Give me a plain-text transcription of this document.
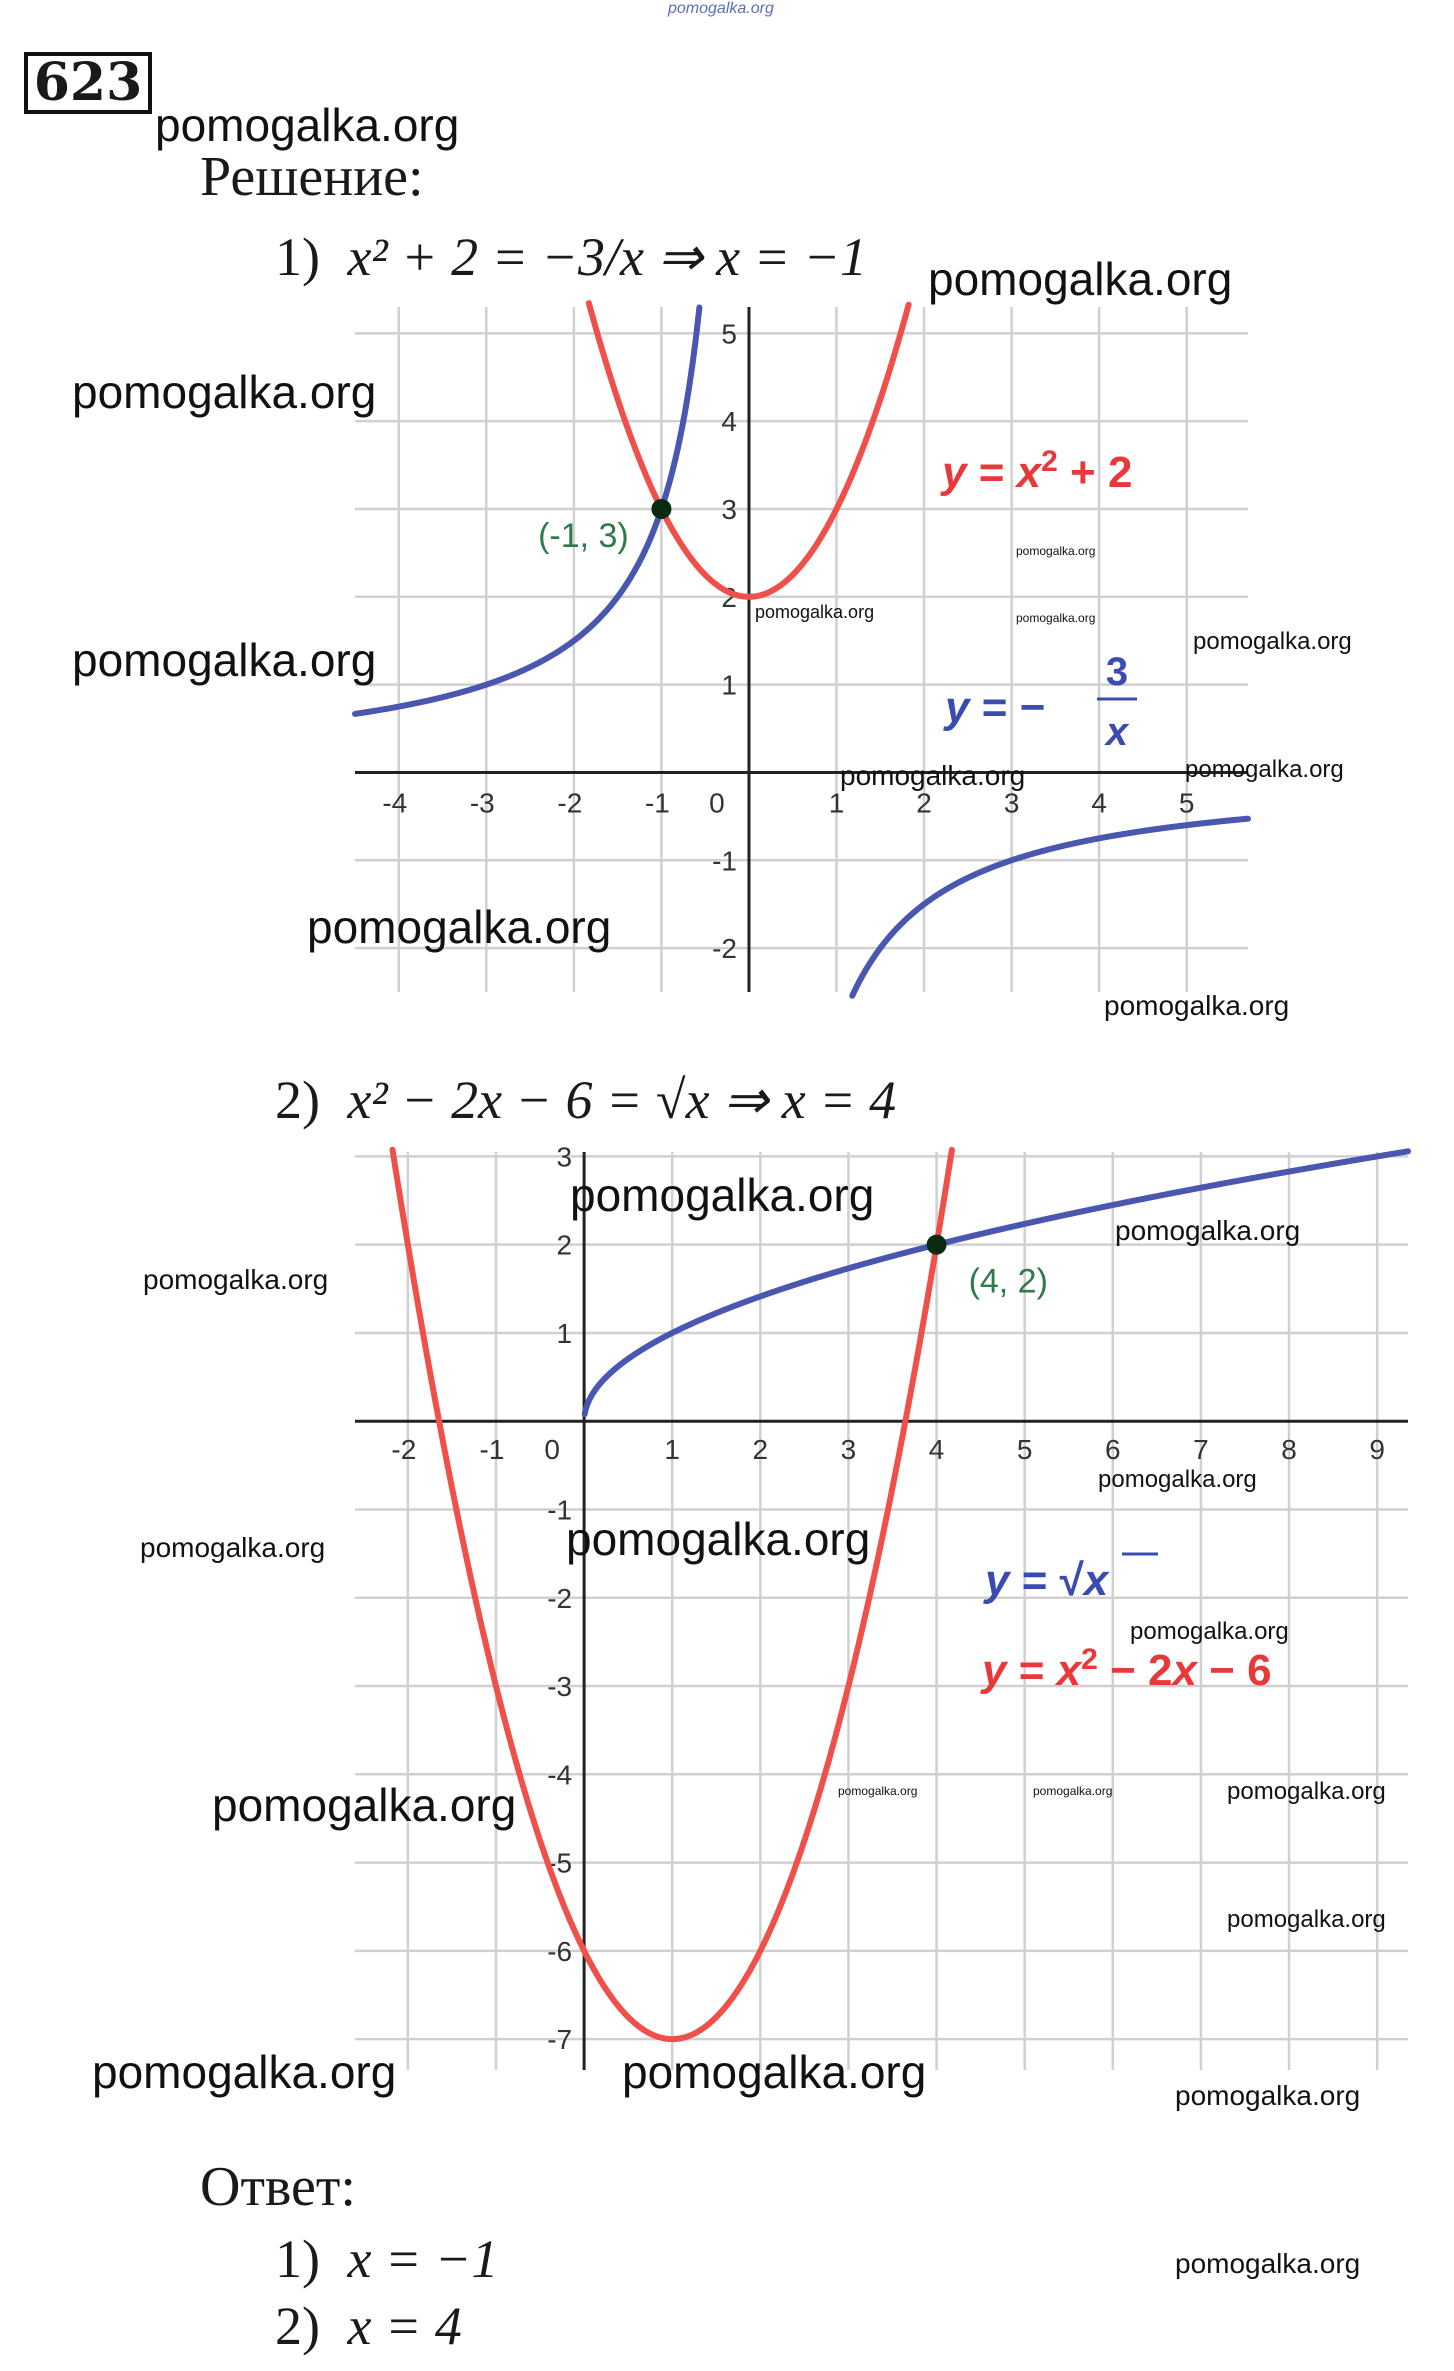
pomogalka.org
623
pomogalka.org
Решение:
1) x² + 2 = −3/x ⇒ x = −1 pomogalka.org
-4 -3 -2 -1 0	1	2	3	4	5
-2
-1
1
2
3
4
5
(-1, 3)
$y = x^2 + 2$
y = −
3
x
pomogalka.org
pomogalka.org
pomogalka.org
pomogalka.org
pomogalka.org
pomogalka.org
pomogalka.org	pomogalka.org
pomogalka.org
pomogalka.org
2) x² − 2x − 6 = √x ⇒ x = 4
-2 -1 0	1	2	3	4	5	6	7	8	9
-7
-6
-5
-4
-3
-2
-1
1
2
3
(4, 2)
y = √x
$y = x^2 - 2x - 6$
pomogalka.org
pomogalka.org
pomogalka.org
pomogalka.org
pomogalka.org	pomogalka.org
pomogalka.org
pomogalka.org	pomogalka.org	pomogalka.org	pomogalka.org
pomogalka.org
pomogalka.org	pomogalka.org	pomogalka.org
Ответ:
1) x = −1
2) x = 4
pomogalka.org
